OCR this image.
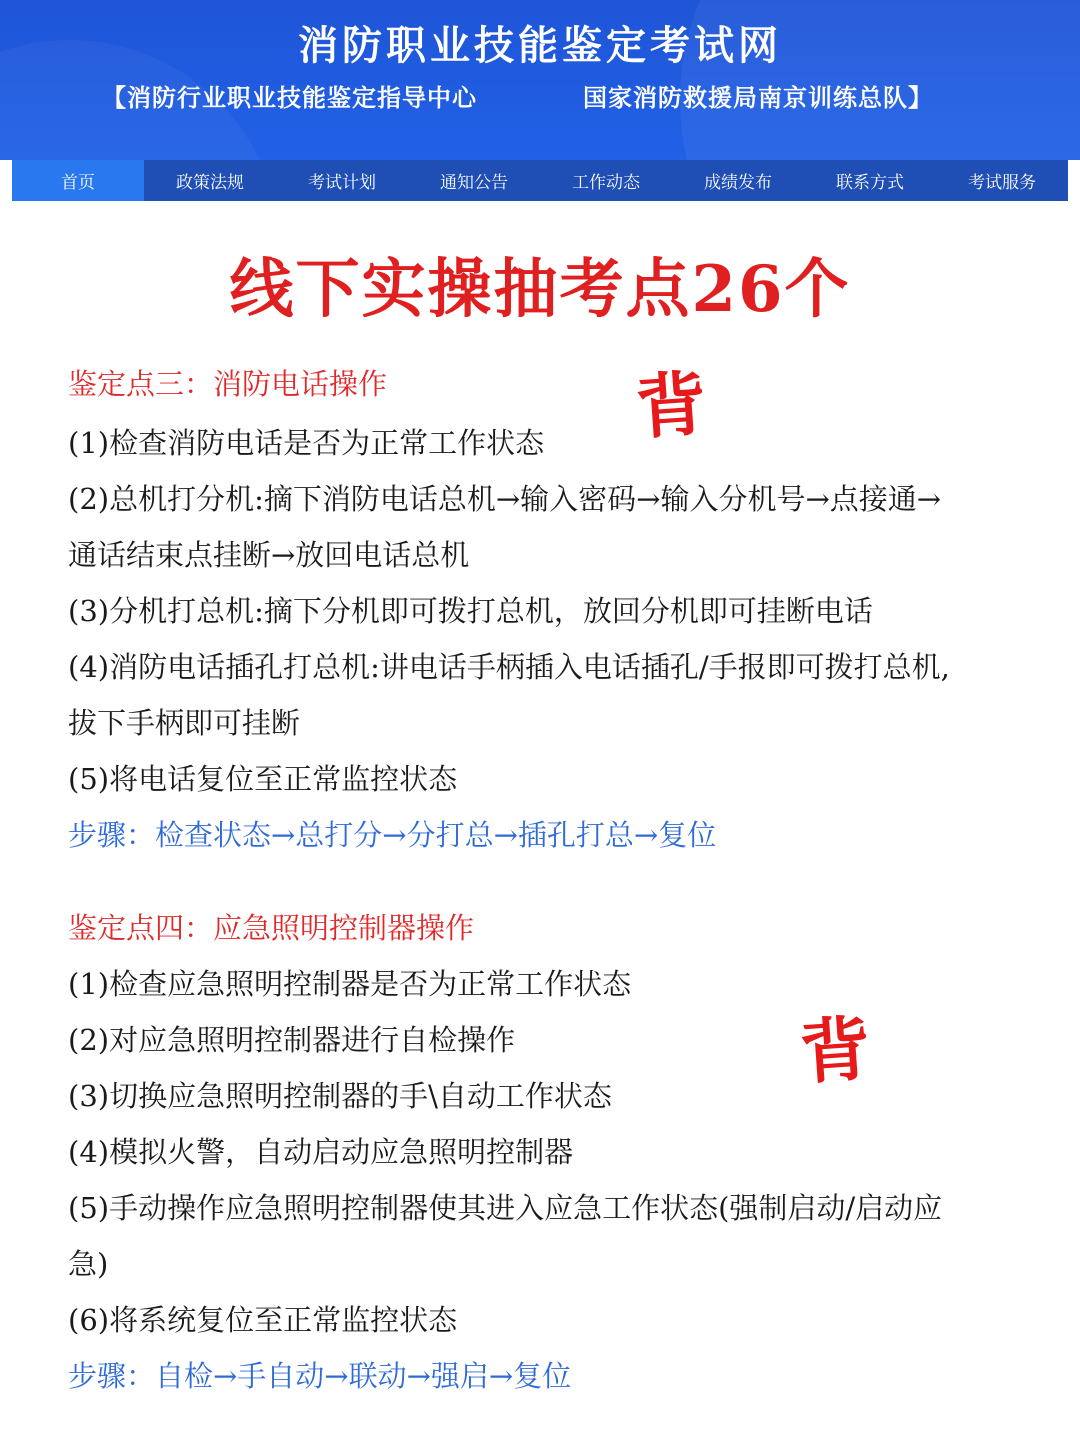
消防职业技能鉴定考试网
【消防行业职业技能鉴定指导中心	国家消防救援局南京训练总队】
首页	政策法规	考试计划	通知公告	工作动态	成绩发布	联系方式	考试服务
线下实操抽考点26个
鉴定点三：消防电话操作	背
(1)检查消防电话是否为正常工作状态
(2)总机打分机:摘下消防电话总机→输入密码→输入分机号→点接通→
通话结束点挂断→放回电话总机
(3)分机打总机:摘下分机即可拨打总机，放回分机即可挂断电话
(4)消防电话插孔打总机:讲电话手柄插入电话插孔/手报即可拨打总机,
拔下手柄即可挂断
(5)将电话复位至正常监控状态
步骤：检查状态→总打分→分打总→插孔打总→复位
鉴定点四：应急照明控制器操作
背
(1)检查应急照明控制器是否为正常工作状态
(2)对应急照明控制器进行自检操作
(3)切换应急照明控制器的手\自动工作状态
(4)模拟火警，自动启动应急照明控制器
(5)手动操作应急照明控制器使其进入应急工作状态(强制启动/启动应
急)
(6)将系统复位至正常监控状态
步骤：自检→手自动→联动→强启→复位
